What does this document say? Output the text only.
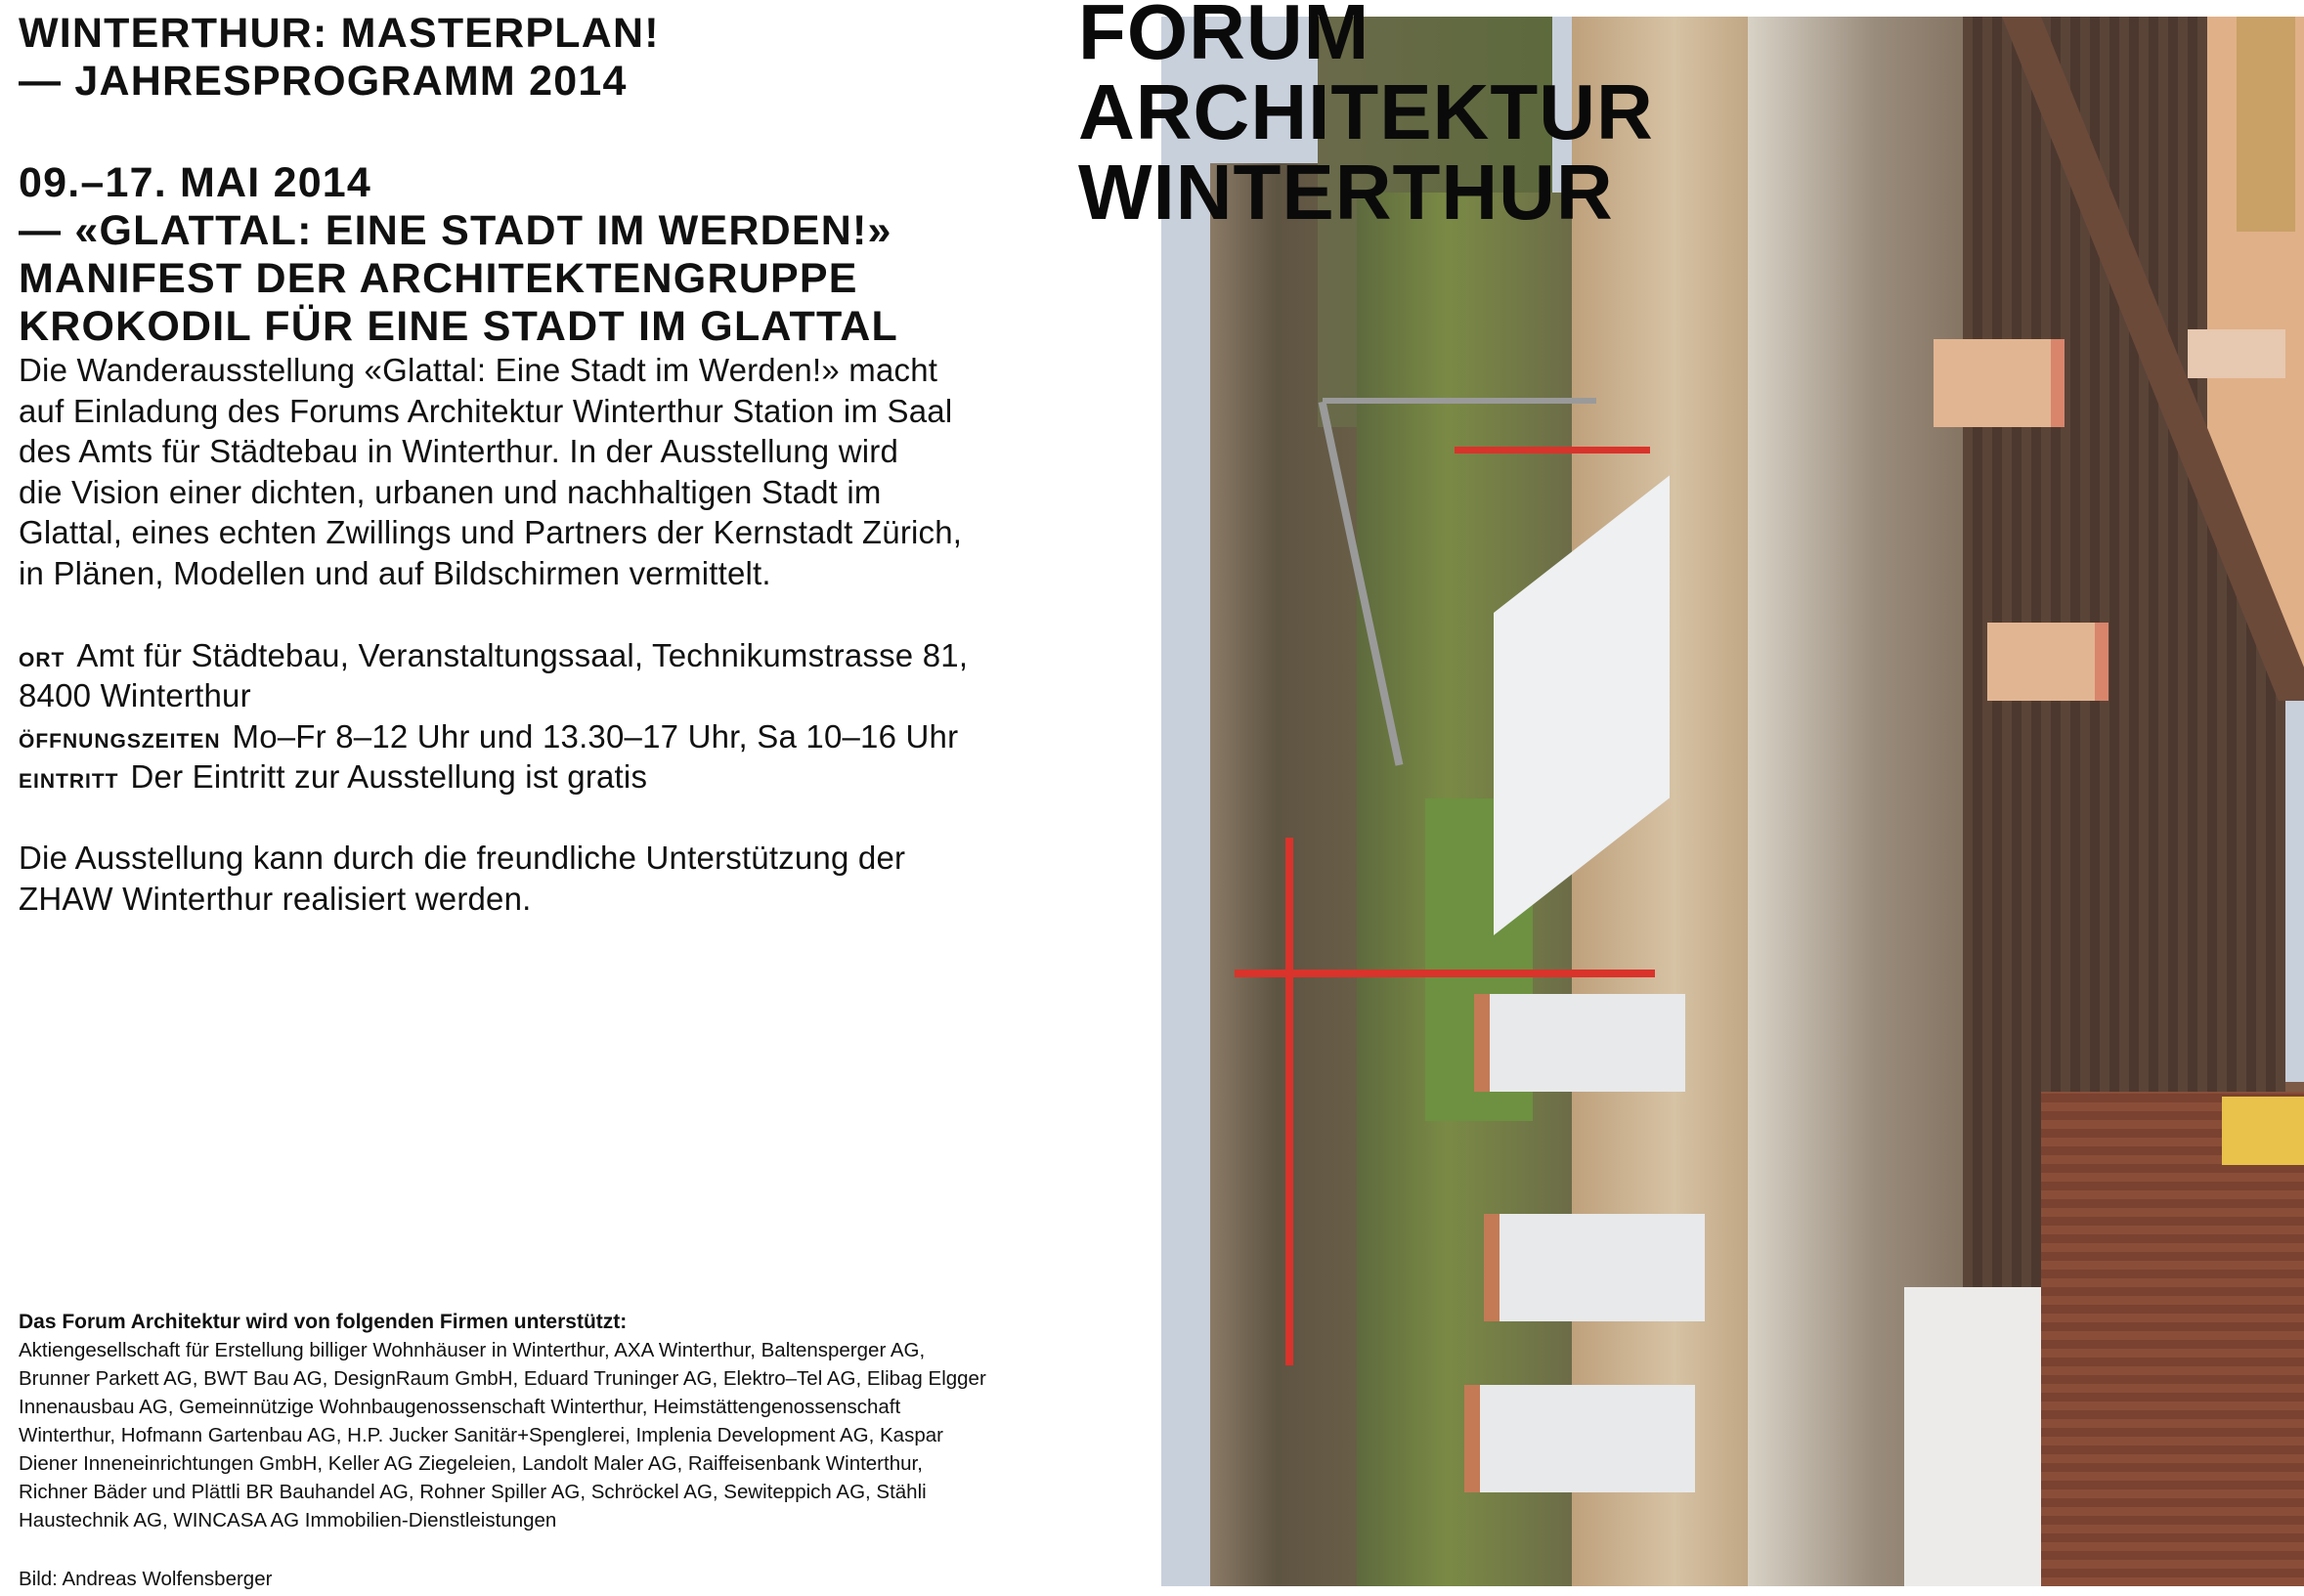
WINTERTHUR: MASTERPLAN!
— JAHRESPROGRAMM 2014
09.–17. MAI 2014
— «GLATTAL: EINE STADT IM WERDEN!»
MANIFEST DER ARCHITEKTENGRUPPE
KROKODIL FÜR EINE STADT IM GLATTAL
Die Wanderausstellung «Glattal: Eine Stadt im Werden!» macht
auf Einladung des Forums Architektur Winterthur Station im Saal
des Amts für Städtebau in Winterthur. In der Ausstellung wird
die Vision einer dichten, urbanen und nachhaltigen Stadt im
Glattal, eines echten Zwillings und Partners der Kernstadt Zürich,
in Plänen, Modellen und auf Bildschirmen vermittelt.
ORT Amt für Städtebau, Veranstaltungssaal, Technikumstrasse 81,
8400 Winterthur
ÖFFNUNGSZEITEN Mo–Fr 8–12 Uhr und 13.30–17 Uhr, Sa 10–16 Uhr
EINTRITT Der Eintritt zur Ausstellung ist gratis
Die Ausstellung kann durch die freundliche Unterstützung der
ZHAW Winterthur realisiert werden.
Das Forum Architektur wird von folgenden Firmen unterstützt:
Aktiengesellschaft für Erstellung billiger Wohnhäuser in Winterthur, AXA Winterthur, Baltensperger AG,
Brunner Parkett AG, BWT Bau AG, DesignRaum GmbH, Eduard Truninger AG, Elektro–Tel AG, Elibag Elgger
Innenausbau AG, Gemeinnützige Wohnbaugenossenschaft Winterthur, Heimstättengenossenschaft
Winterthur, Hofmann Gartenbau AG, H.P. Jucker Sanitär+Spenglerei, Implenia Development AG, Kaspar
Diener Inneneinrichtungen GmbH, Keller AG Ziegeleien, Landolt Maler AG, Raiffeisenbank Winterthur,
Richner Bäder und Plättli BR Bauhandel AG, Rohner Spiller AG, Schröckel AG, Sewiteppich AG, Stähli
Haustechnik AG, WINCASA AG Immobilien-Dienstleistungen
Bild: Andreas Wolfensberger
FORUM
ARCHITEKTUR
WINTERTHUR
